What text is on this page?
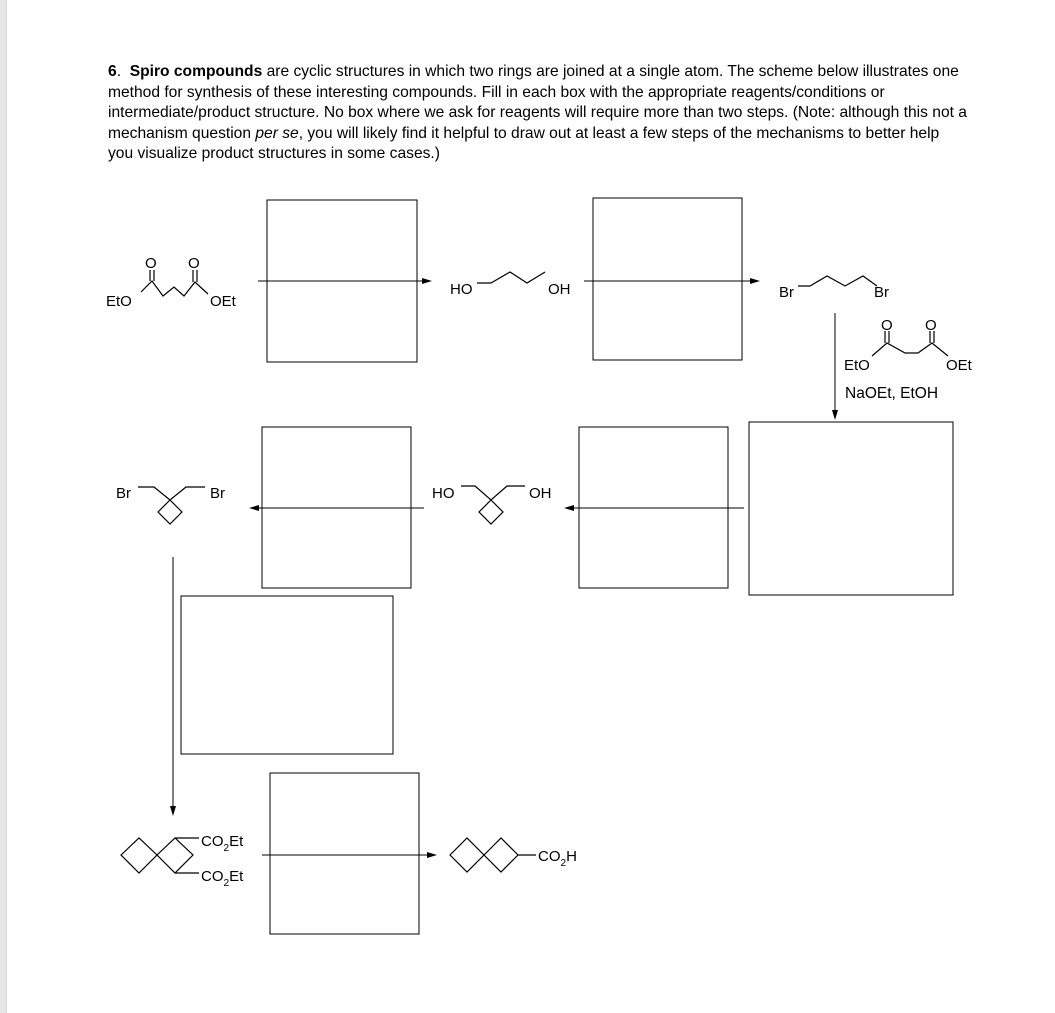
6. Spiro compounds are cyclic structures in which two rings are joined at a single atom. The scheme below illustrates one method for synthesis of these interesting compounds. Fill in each box with the appropriate reagents/conditions or intermediate/product structure. No box where we ask for reagents will require more than two steps. (Note: although this not a mechanism question per se, you will likely find it helpful to draw out at least a few steps of the mechanisms to better help you visualize product structures in some cases.)

O O
EtO	OEt
HO	OH	Br	Br
O O
EtO	OEt
NaOEt, EtOH
HO	OH
Br	Br
$CO_2Et$
$CO_2Et$
$CO_2H$
